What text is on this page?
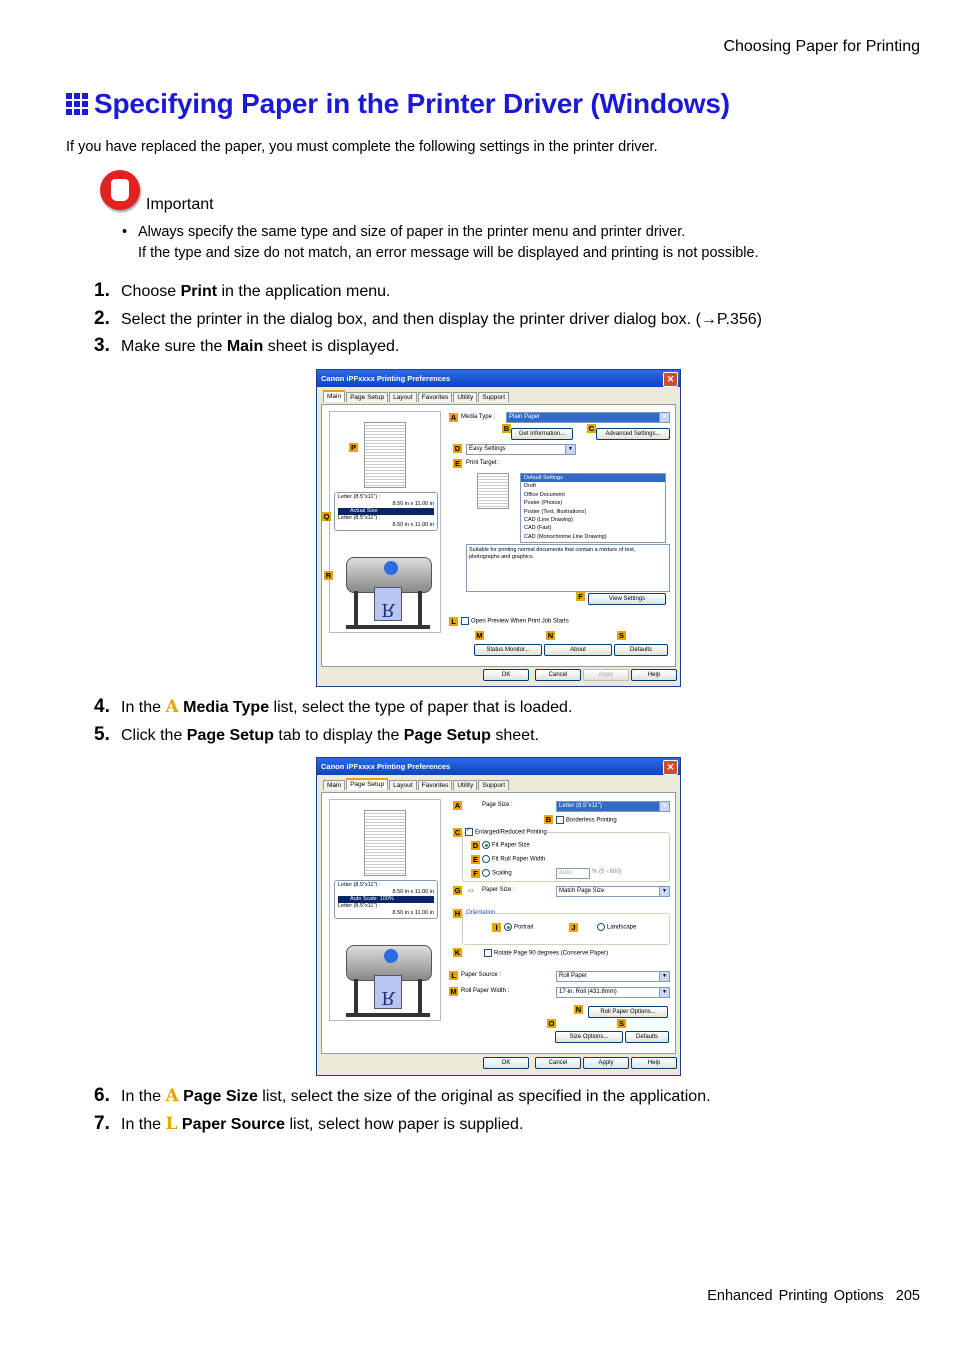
Choosing Paper for Printing
Specifying Paper in the Printer Driver (Windows)
If you have replaced the paper, you must complete the following settings in the printer driver.
Important
• Always specify the same type and size of paper in the printer menu and printer driver.
If the type and size do not match, an error message will be displayed and printing is not possible.
1. Choose Print in the application menu.
2. Select the printer in the dialog box, and then display the printer driver dialog box. (→P.356)
3. Make sure the Main sheet is displayed.
Canon iPFxxxx Printing Preferences	✕
Main	Page Setup	Layout	Favorites	Utility	Support
Letter (8.5"x11") :
8.50 in x 11.00 in
Actual Size
Letter (8.5"x11") :
8.50 in x 11.00 in
R
P
Q
R
A Media Type :	Plain Paper	▼
B
Get Information...
C
Advanced Settings...
D	Easy Settings	▼
E	Print Target :
Default Settings
Draft
Office Document
Poster (Photos)
Poster (Text, Illustrations)
CAD (Line Drawing)
CAD (Fast)
CAD (Monochrome Line Drawing)
Suitable for printing normal documents that contain a mixture of text, photographs and graphics.
F	View Settings
L	Open Preview When Print Job Starts
M	N	S
Status Monitor...	About	Defaults
OK	Cancel	Apply	Help
4. In the A
Media Type list, select the type of paper that is loaded.
5. Click the Page Setup tab to display the Page Setup sheet.
Canon iPFxxxx Printing Preferences	✕
Main	Page Setup	Layout	Favorites	Utility	Support
Letter (8.5"x11") :
8.50 in x 11.00 in
Auto Scale: 100%
Letter (8.5"x11") :
8.50 in x 11.00 in
R
A	Page Size :	Letter (8.5"x11")	▼
B	Borderless Printing
C
✓	Enlarged/Reduced Printing
D	Fit Paper Size
E	Fit Roll Paper Width
F	Scaling	Auto	% (5 - 600)
G ▭ Paper Size :	Match Page Size	▼
H Orientation
I	Portrait	J	Landscape
K	Rotate Page 90 degrees (Conserve Paper)
L Paper Source :	Roll Paper	▼
M Roll Paper Width :	17-in. Roll (431.8mm)	▼
N	Roll Paper Options...
O	S
Size Options...	Defaults
OK	Cancel	Apply	Help
6. In the A
Page Size list, select the size of the original as specified in the application.
7. In the L
Paper Source list, select how paper is supplied.
Enhanced Printing Options 205
